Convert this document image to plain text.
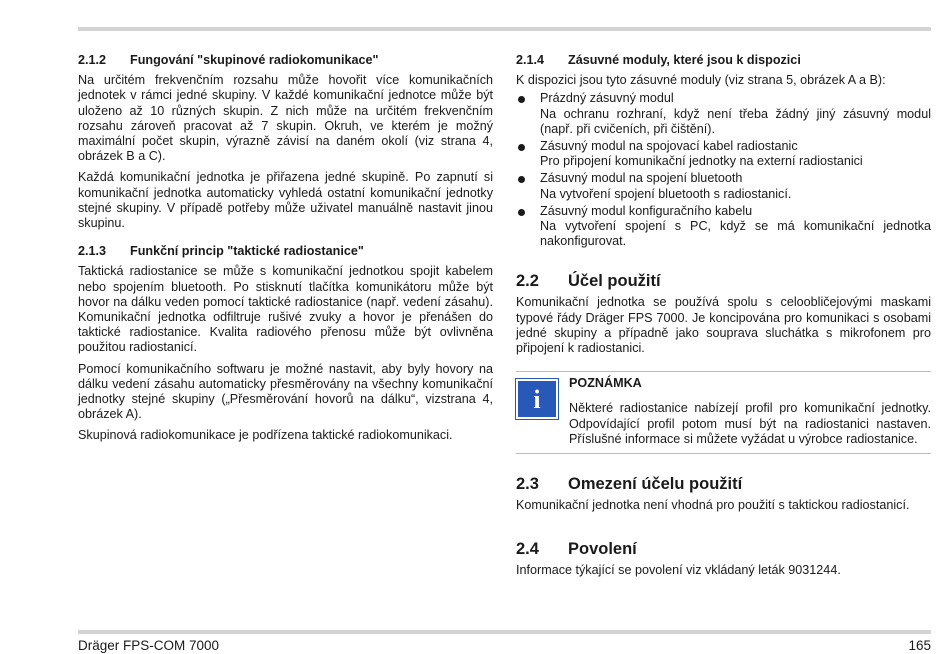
2.1.2	Fungování "skupinové radiokomunikace"
Na určitém frekvenčním rozsahu může hovořit více komunikačních jednotek v rámci jedné skupiny. V každé komunikační jednotce může být uloženo až 10 různých skupin. Z nich může na určitém frekvenčním rozsahu zároveň pracovat až 7 skupin. Okruh, ve kterém je možný maximální počet skupin, výrazně závisí na daném okolí (viz strana 4, obrázek B a C).
Každá komunikační jednotka je přiřazena jedné skupině. Po zapnutí si komunikační jednotka automaticky vyhledá ostatní komunikační jednotky stejné skupiny. V případě potřeby může uživatel manuálně nastavit jinou skupinu.
2.1.3	Funkční princip "taktické radiostanice"
Taktická radiostanice se může s komunikační jednotkou spojit kabelem nebo spojením bluetooth. Po stisknutí tlačítka komunikátoru může být hovor na dálku veden pomocí taktické radiostanice (např. vedení zásahu). Komunikační jednotka odfiltruje rušivé zvuky a hovor je přenášen do taktické radiostanice. Kvalita radiového přenosu může být ovlivněna použitou radiostanicí.
Pomocí komunikačního softwaru je možné nastavit, aby byly hovory na dálku vedení zásahu automaticky přesměrovány na všechny komunikační jednotky stejné skupiny („Přesměrování hovorů na dálku“, vizstrana 4, obrázek A).
Skupinová radiokomunikace je podřízena taktické radiokomunikaci.
2.1.4	Zásuvné moduly, které jsou k dispozici
K dispozici jsou tyto zásuvné moduly (viz strana 5, obrázek A a B):
Prázdný zásuvný modul
Na ochranu rozhraní, když není třeba žádný jiný zásuvný modul (např. při cvičeních, při čištění).
Zásuvný modul na spojovací kabel radiostanic
Pro připojení komunikační jednotky na externí radiostanici
Zásuvný modul na spojení bluetooth
Na vytvoření spojení bluetooth s radiostanicí.
Zásuvný modul konfiguračního kabelu
Na vytvoření spojení s PC, když se má komunikační jednotka nakonfigurovat.
2.2	Účel použití
Komunikační jednotka se používá spolu s celoobličejovými maskami typové řády Dräger FPS 7000. Je koncipována pro komunikaci s osobami jedné skupiny a případně jako souprava sluchátka s mikrofonem pro připojení k radiostanici.
i
POZNÁMKA
Některé radiostanice nabízejí profil pro komunikační jednotky. Odpovídající profil potom musí být na radiostanici nastaven. Příslušné informace si můžete vyžádat u výrobce radiostanice.
2.3	Omezení účelu použití
Komunikační jednotka není vhodná pro použití s taktickou radiostanicí.
2.4	Povolení
Informace týkající se povolení viz vkládaný leták 9031244.
Dräger FPS-COM 7000	165
